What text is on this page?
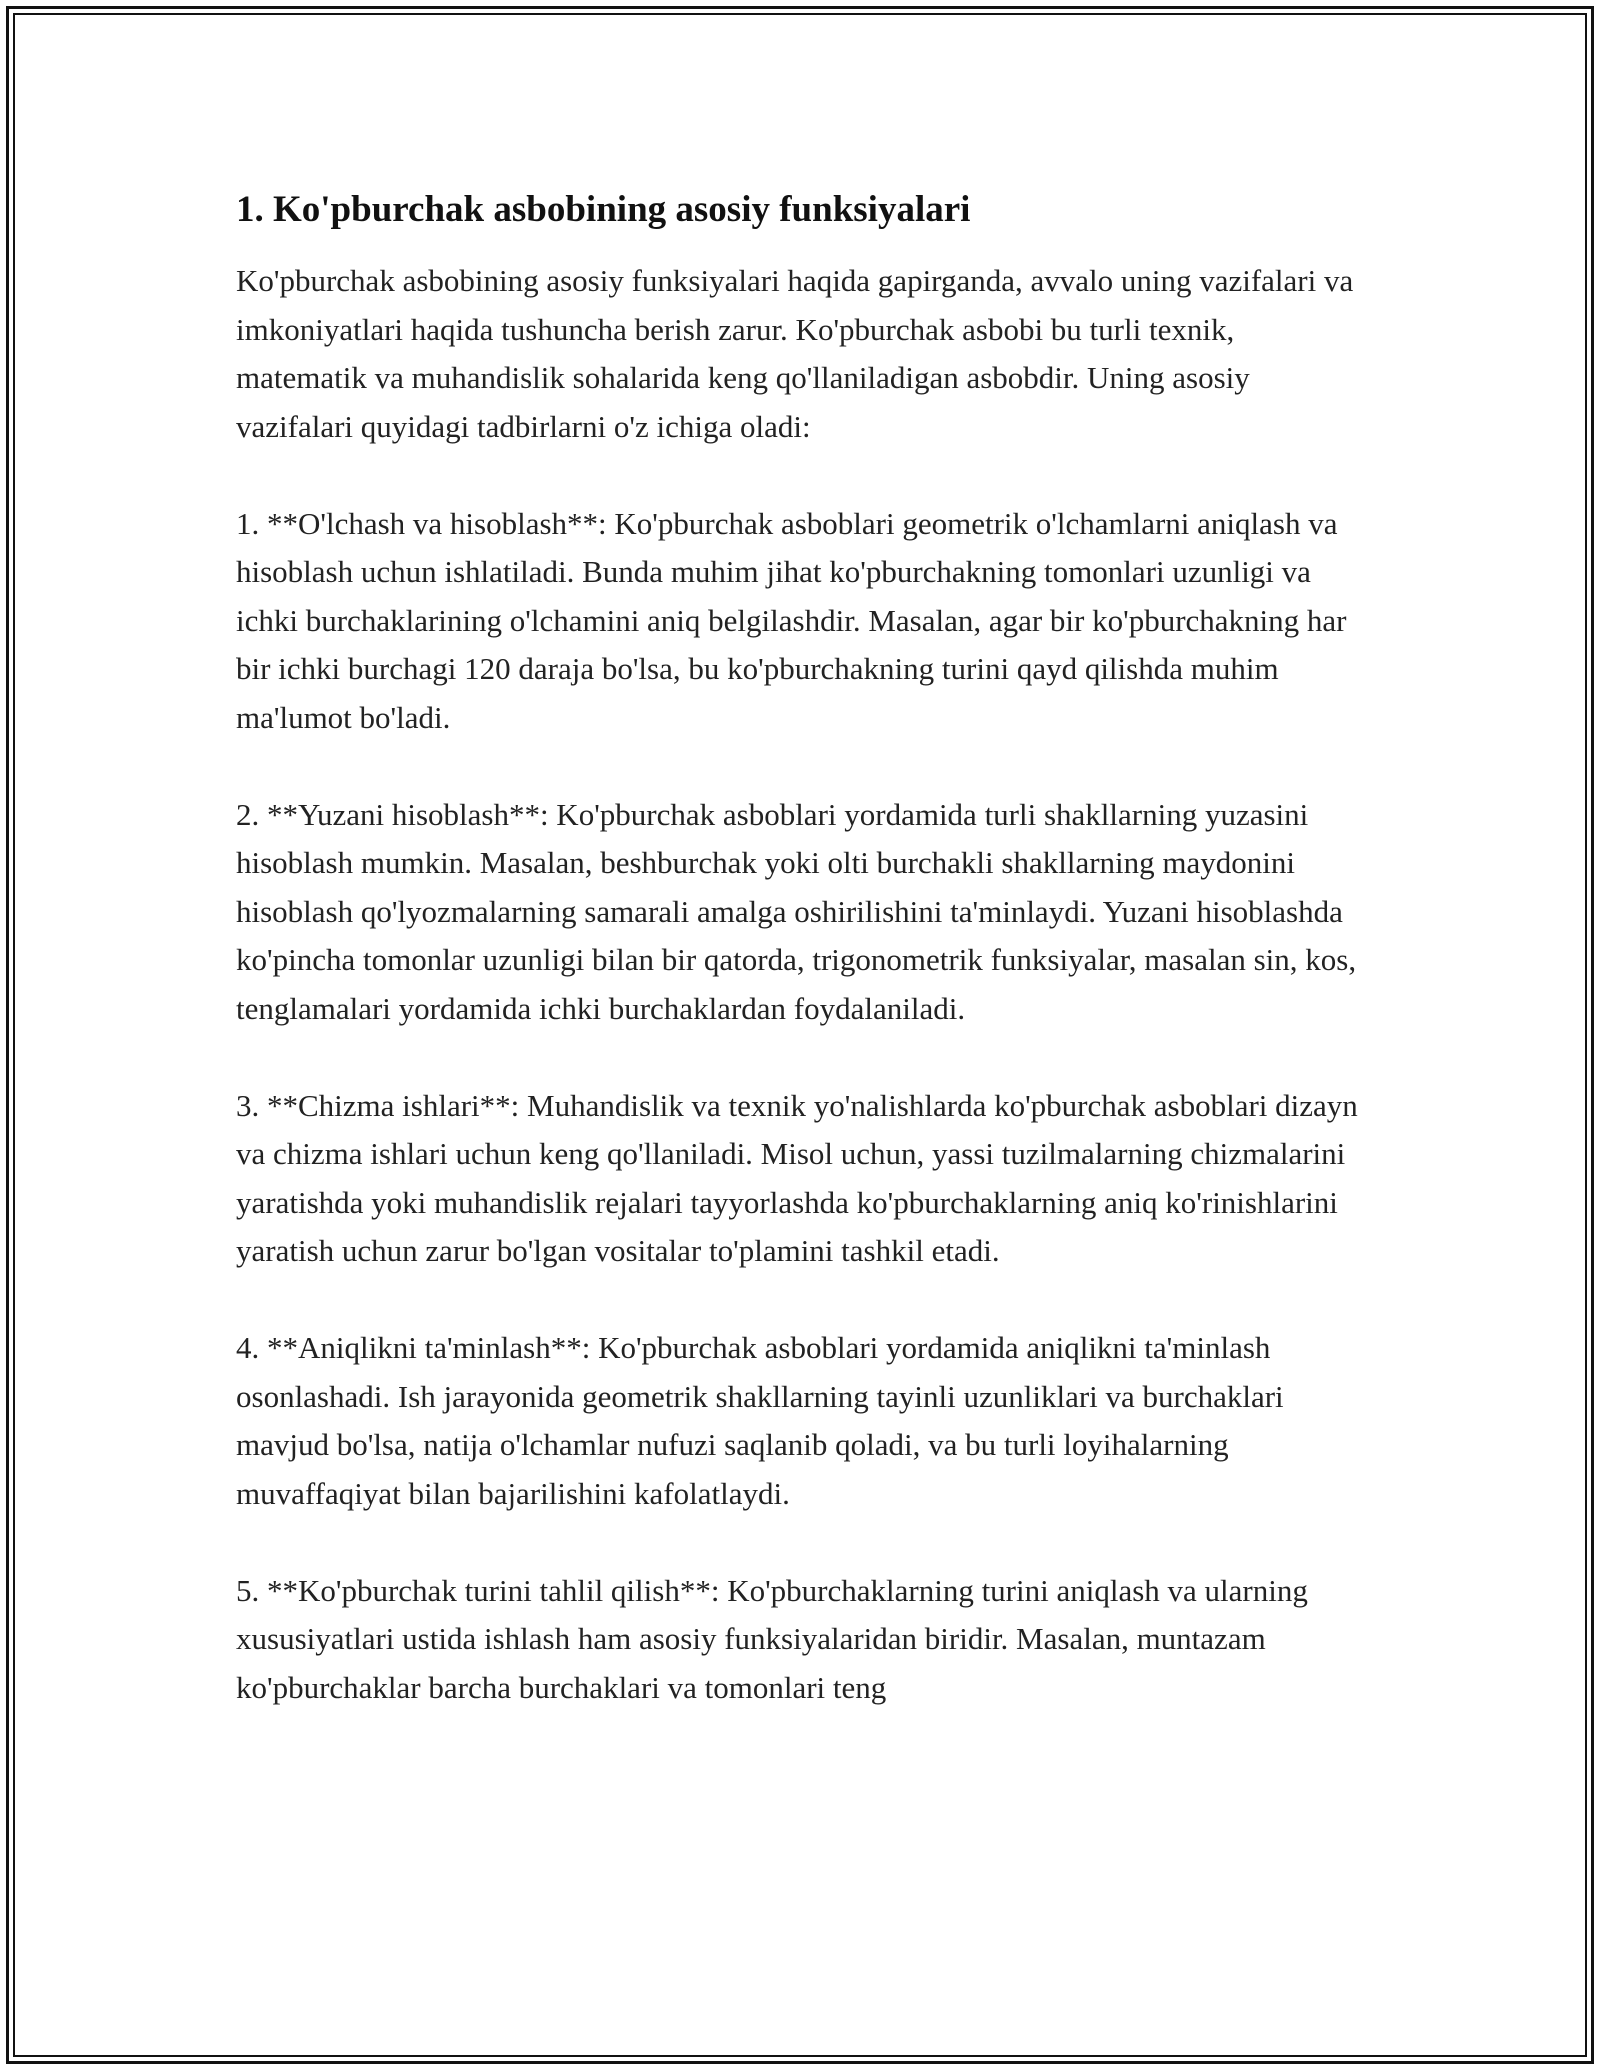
1. Ko'pburchak asbobining asosiy funksiyalari

Ko'pburchak asbobining asosiy funksiyalari haqida gapirganda, avvalo uning vazifalari va imkoniyatlari haqida tushuncha berish zarur. Ko'pburchak asbobi bu turli texnik, matematik va muhandislik sohalarida keng qo'llaniladigan asbobdir. Uning asosiy vazifalari quyidagi tadbirlarni o'z ichiga oladi:

1. **O'lchash va hisoblash**: Ko'pburchak asboblari geometrik o'lchamlarni aniqlash va hisoblash uchun ishlatiladi. Bunda muhim jihat ko'pburchakning tomonlari uzunligi va ichki burchaklarining o'lchamini aniq belgilashdir. Masalan, agar bir ko'pburchakning har bir ichki burchagi 120 daraja bo'lsa, bu ko'pburchakning turini qayd qilishda muhim ma'lumot bo'ladi.

2. **Yuzani hisoblash**: Ko'pburchak asboblari yordamida turli shakllarning yuzasini hisoblash mumkin. Masalan, beshburchak yoki olti burchakli shakllarning maydonini hisoblash qo'lyozmalarning samarali amalga oshirilishini ta'minlaydi. Yuzani hisoblashda ko'pincha tomonlar uzunligi bilan bir qatorda, trigonometrik funksiyalar, masalan sin, kos, tenglamalari yordamida ichki burchaklardan foydalaniladi.

3. **Chizma ishlari**: Muhandislik va texnik yo'nalishlarda ko'pburchak asboblari dizayn va chizma ishlari uchun keng qo'llaniladi. Misol uchun, yassi tuzilmalarning chizmalarini yaratishda yoki muhandislik rejalari tayyorlashda ko'pburchaklarning aniq ko'rinishlarini yaratish uchun zarur bo'lgan vositalar to'plamini tashkil etadi.

4. **Aniqlikni ta'minlash**: Ko'pburchak asboblari yordamida aniqlikni ta'minlash osonlashadi. Ish jarayonida geometrik shakllarning tayinli uzunliklari va burchaklari mavjud bo'lsa, natija o'lchamlar nufuzi saqlanib qoladi, va bu turli loyihalarning muvaffaqiyat bilan bajarilishini kafolatlaydi.

5. **Ko'pburchak turini tahlil qilish**: Ko'pburchaklarning turini aniqlash va ularning xususiyatlari ustida ishlash ham asosiy funksiyalaridan biridir. Masalan, muntazam ko'pburchaklar barcha burchaklari va tomonlari teng
